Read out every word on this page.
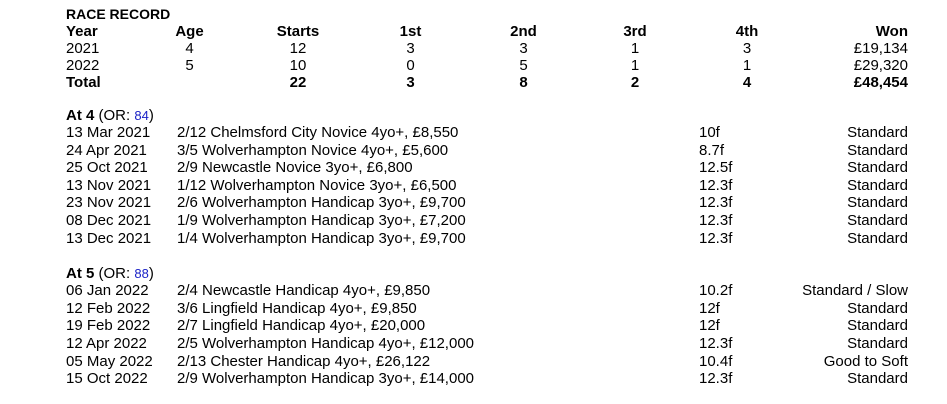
RACE RECORD
Year	Age	Starts	1st	2nd	3rd	4th	Won
2021	4	12	3	3	1	3	£19,134
2022	5	10	0	5	1	1	£29,320
Total		22	3	8	2	4	£48,454
At 4 (OR: 84)
13 Mar 2021 2/12 Chelmsford City Novice 4yo+, £8,550	10f	Standard
24 Apr 2021 3/5 Wolverhampton Novice 4yo+, £5,600	8.7f	Standard
25 Oct 2021 2/9 Newcastle Novice 3yo+, £6,800	12.5f	Standard
13 Nov 2021 1/12 Wolverhampton Novice 3yo+, £6,500	12.3f	Standard
23 Nov 2021 2/6 Wolverhampton Handicap 3yo+, £9,700	12.3f	Standard
08 Dec 2021 1/9 Wolverhampton Handicap 3yo+, £7,200	12.3f	Standard
13 Dec 2021 1/4 Wolverhampton Handicap 3yo+, £9,700	12.3f	Standard
At 5 (OR: 88)
06 Jan 2022 2/4 Newcastle Handicap 4yo+, £9,850	10.2f	Standard / Slow
12 Feb 2022 3/6 Lingfield Handicap 4yo+, £9,850	12f	Standard
19 Feb 2022 2/7 Lingfield Handicap 4yo+, £20,000	12f	Standard
12 Apr 2022 2/5 Wolverhampton Handicap 4yo+, £12,000	12.3f	Standard
05 May 2022 2/13 Chester Handicap 4yo+, £26,122	10.4f	Good to Soft
15 Oct 2022 2/9 Wolverhampton Handicap 3yo+, £14,000	12.3f	Standard
